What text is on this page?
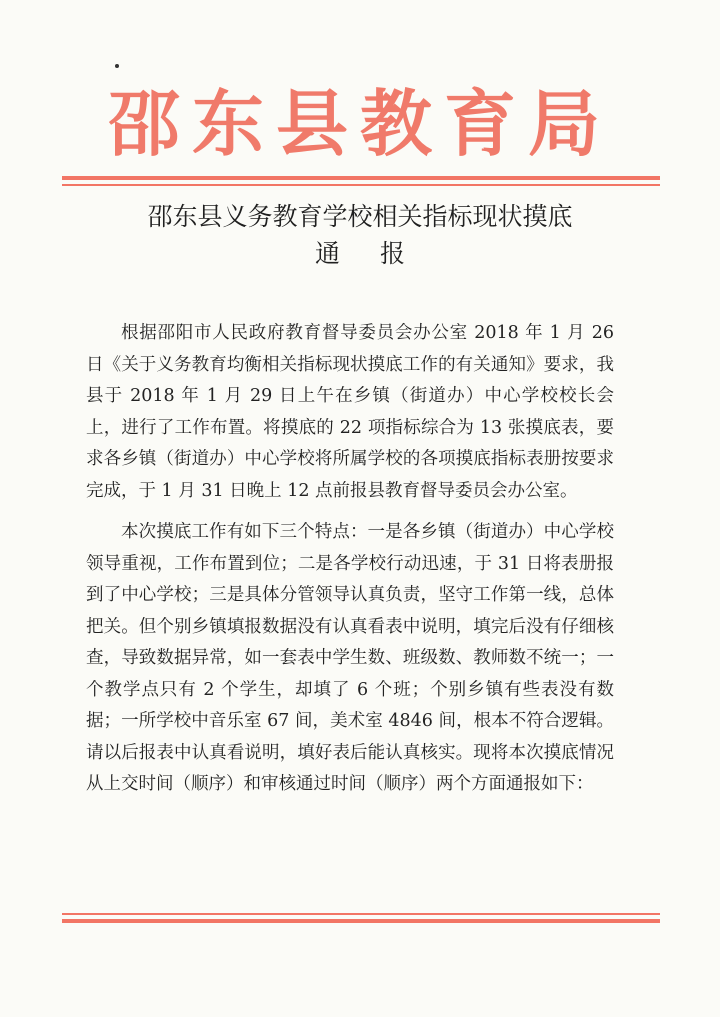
邵东县教育局
邵东县义务教育学校相关指标现状摸底
通报

根据邵阳市人民政府教育督导委员会办公室 2018 年 1 月 26 日《关于义务教育均衡相关指标现状摸底工作的有关通知》要求，我县于 2018 年 1 月 29 日上午在乡镇（街道办）中心学校校长会上，进行了工作布置。将摸底的 22 项指标综合为 13 张摸底表，要求各乡镇（街道办）中心学校将所属学校的各项摸底指标表册按要求完成，于 1 月 31 日晚上 12 点前报县教育督导委员会办公室。

本次摸底工作有如下三个特点：一是各乡镇（街道办）中心学校领导重视，工作布置到位；二是各学校行动迅速，于 31 日将表册报到了中心学校；三是具体分管领导认真负责，坚守工作第一线，总体把关。但个别乡镇填报数据没有认真看表中说明，填完后没有仔细核查，导致数据异常，如一套表中学生数、班级数、教师数不统一；一个教学点只有 2 个学生，却填了 6 个班；个别乡镇有些表没有数据；一所学校中音乐室 67 间，美术室 4846 间，根本不符合逻辑。请以后报表中认真看说明，填好表后能认真核实。现将本次摸底情况从上交时间（顺序）和审核通过时间（顺序）两个方面通报如下：
